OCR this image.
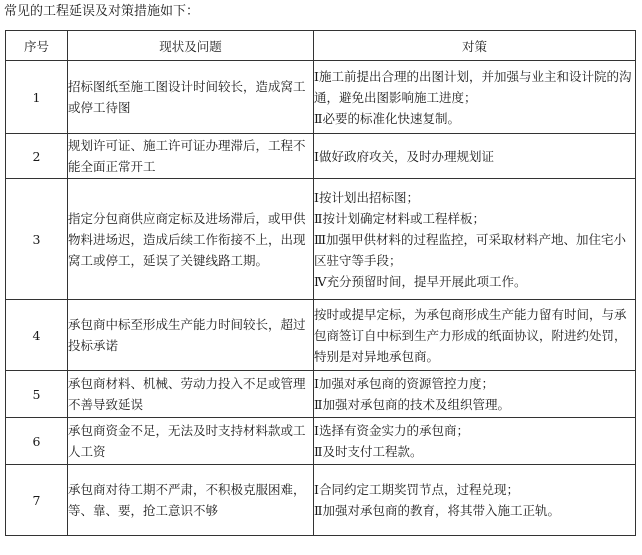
常见的工程延误及对策措施如下：
序号	现状及问题	对策
1	招标图纸至施工图设计时间较长，造成窝工或停工待图	Ⅰ施工前提出合理的出图计划，并加强与业主和设计院的沟通，避免出图影响施工进度；
Ⅱ必要的标准化快速复制。

2	规划许可证、施工许可证办理滞后，工程不能全面正常开工	Ⅰ做好政府攻关，及时办理规划证

3	指定分包商供应商定标及进场滞后，或甲供物料进场迟，造成后续工作衔接不上，出现窝工或停工，延误了关键线路工期。	Ⅰ按计划出招标图；
Ⅱ按计划确定材料或工程样板；
Ⅲ加强甲供材料的过程监控，可采取材料产地、加住宅小区驻守等手段；
Ⅳ充分预留时间，提早开展此项工作。

4	承包商中标至形成生产能力时间较长，超过投标承诺	按时或提早定标，为承包商形成生产能力留有时间，与承包商签订自中标到生产力形成的纸面协议，附进约处罚，特别是对异地承包商。

5	承包商材料、机械、劳动力投入不足或管理不善导致延误	Ⅰ加强对承包商的资源管控力度；
Ⅱ加强对承包商的技术及组织管理。

6	承包商资金不足，无法及时支持材料款或工人工资	Ⅰ选择有资金实力的承包商；
Ⅱ及时支付工程款。

7	承包商对待工期不严肃，不积极克服困难，等、靠、要，抢工意识不够	Ⅰ合同约定工期奖罚节点，过程兑现；
Ⅱ加强对承包商的教育，将其带入施工正轨。
